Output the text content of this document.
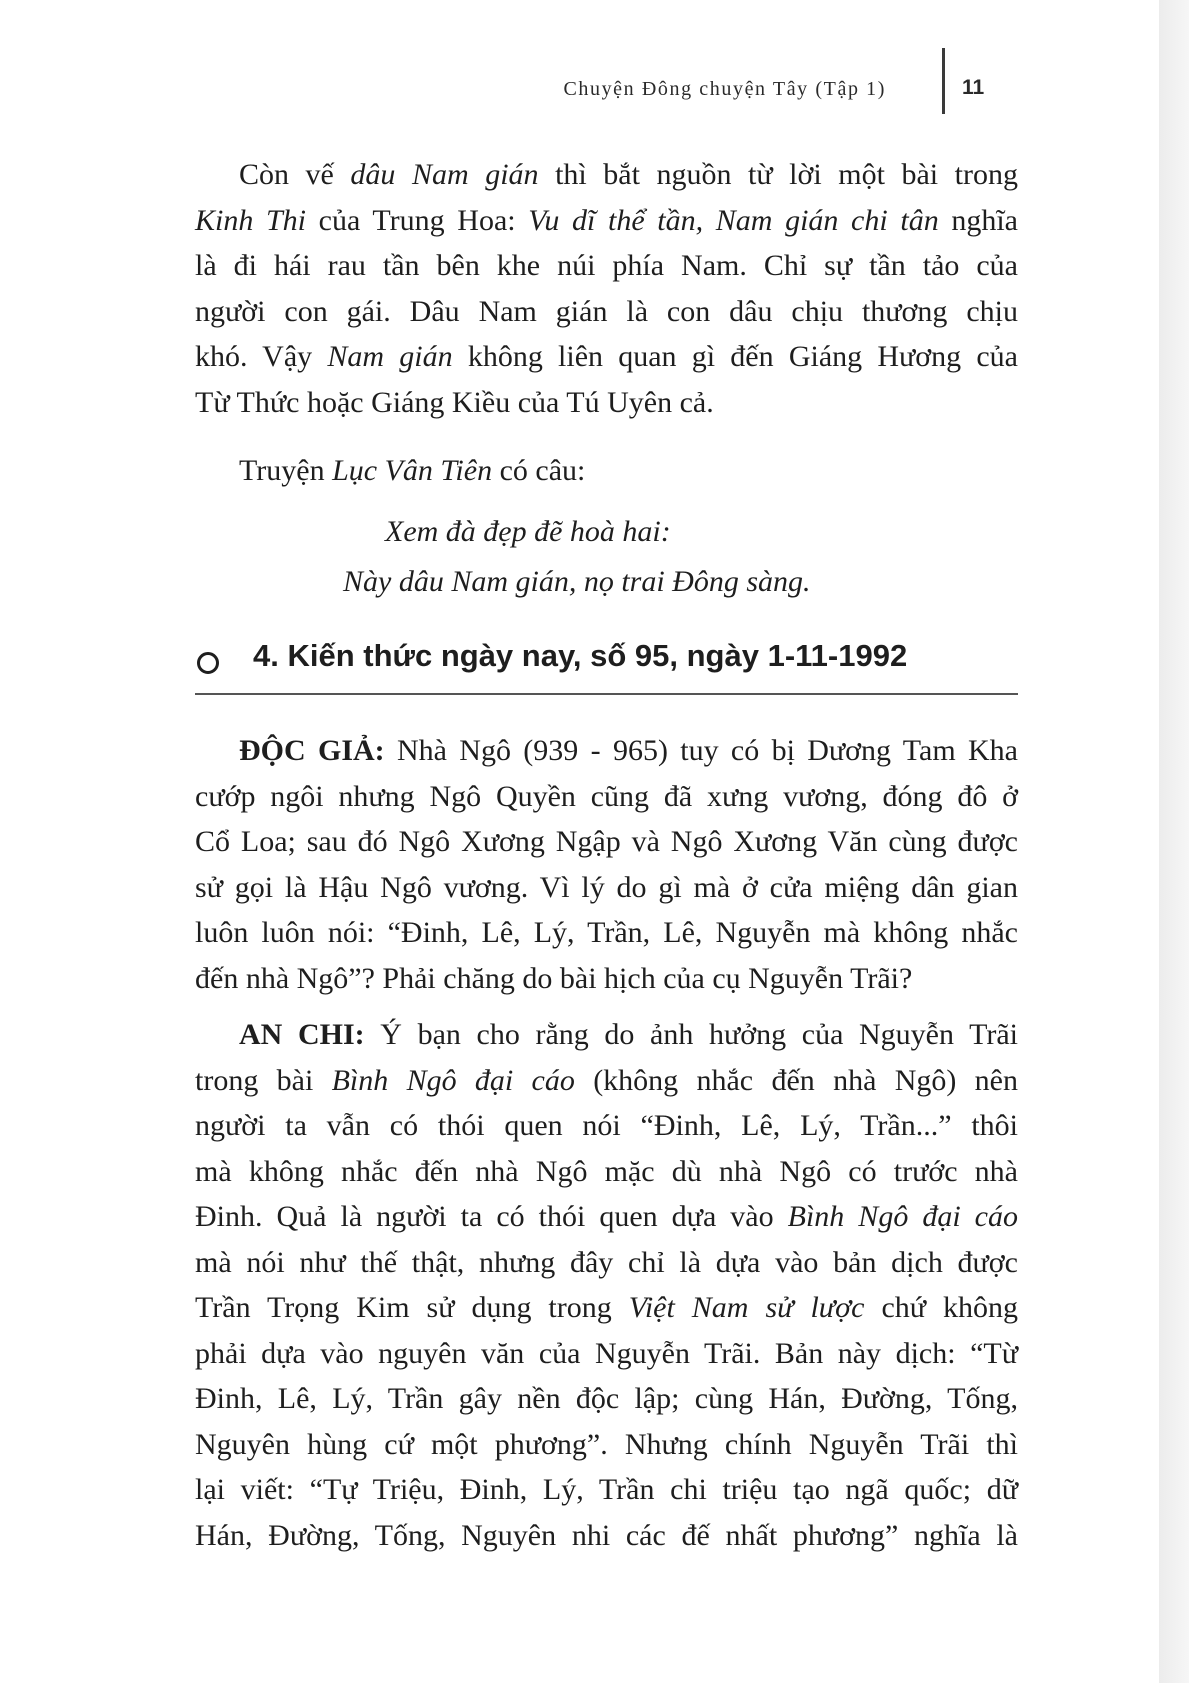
Chuyện Đông chuyện Tây (Tập 1)	11
Còn vế dâu Nam gián thì bắt nguồn từ lời một bài trong
Kinh Thi của Trung Hoa: Vu dĩ thể tần, Nam gián chi tân nghĩa
là đi hái rau tần bên khe núi phía Nam. Chỉ sự tần tảo của
người con gái. Dâu Nam gián là con dâu chịu thương chịu
khó. Vậy Nam gián không liên quan gì đến Giáng Hương của
Từ Thức hoặc Giáng Kiều của Tú Uyên cả.
Truyện Lục Vân Tiên có câu:
Xem đà đẹp đẽ hoà hai:
Này dâu Nam gián, nọ trai Đông sàng.
4. Kiến thức ngày nay, số 95, ngày 1-11-1992
ĐỘC GIẢ: Nhà Ngô (939 - 965) tuy có bị Dương Tam Kha
cướp ngôi nhưng Ngô Quyền cũng đã xưng vương, đóng đô ở
Cổ Loa; sau đó Ngô Xương Ngập và Ngô Xương Văn cùng được
sử gọi là Hậu Ngô vương. Vì lý do gì mà ở cửa miệng dân gian
luôn luôn nói: “Đinh, Lê, Lý, Trần, Lê, Nguyễn mà không nhắc
đến nhà Ngô”? Phải chăng do bài hịch của cụ Nguyễn Trãi?
AN CHI: Ý bạn cho rằng do ảnh hưởng của Nguyễn Trãi
trong bài Bình Ngô đại cáo (không nhắc đến nhà Ngô) nên
người ta vẫn có thói quen nói “Đinh, Lê, Lý, Trần...” thôi
mà không nhắc đến nhà Ngô mặc dù nhà Ngô có trước nhà
Đinh. Quả là người ta có thói quen dựa vào Bình Ngô đại cáo
mà nói như thế thật, nhưng đây chỉ là dựa vào bản dịch được
Trần Trọng Kim sử dụng trong Việt Nam sử lược chứ không
phải dựa vào nguyên văn của Nguyễn Trãi. Bản này dịch: “Từ
Đinh, Lê, Lý, Trần gây nền độc lập; cùng Hán, Đường, Tống,
Nguyên hùng cứ một phương”. Nhưng chính Nguyễn Trãi thì
lại viết: “Tự Triệu, Đinh, Lý, Trần chi triệu tạo ngã quốc; dữ
Hán, Đường, Tống, Nguyên nhi các đế nhất phương” nghĩa là
